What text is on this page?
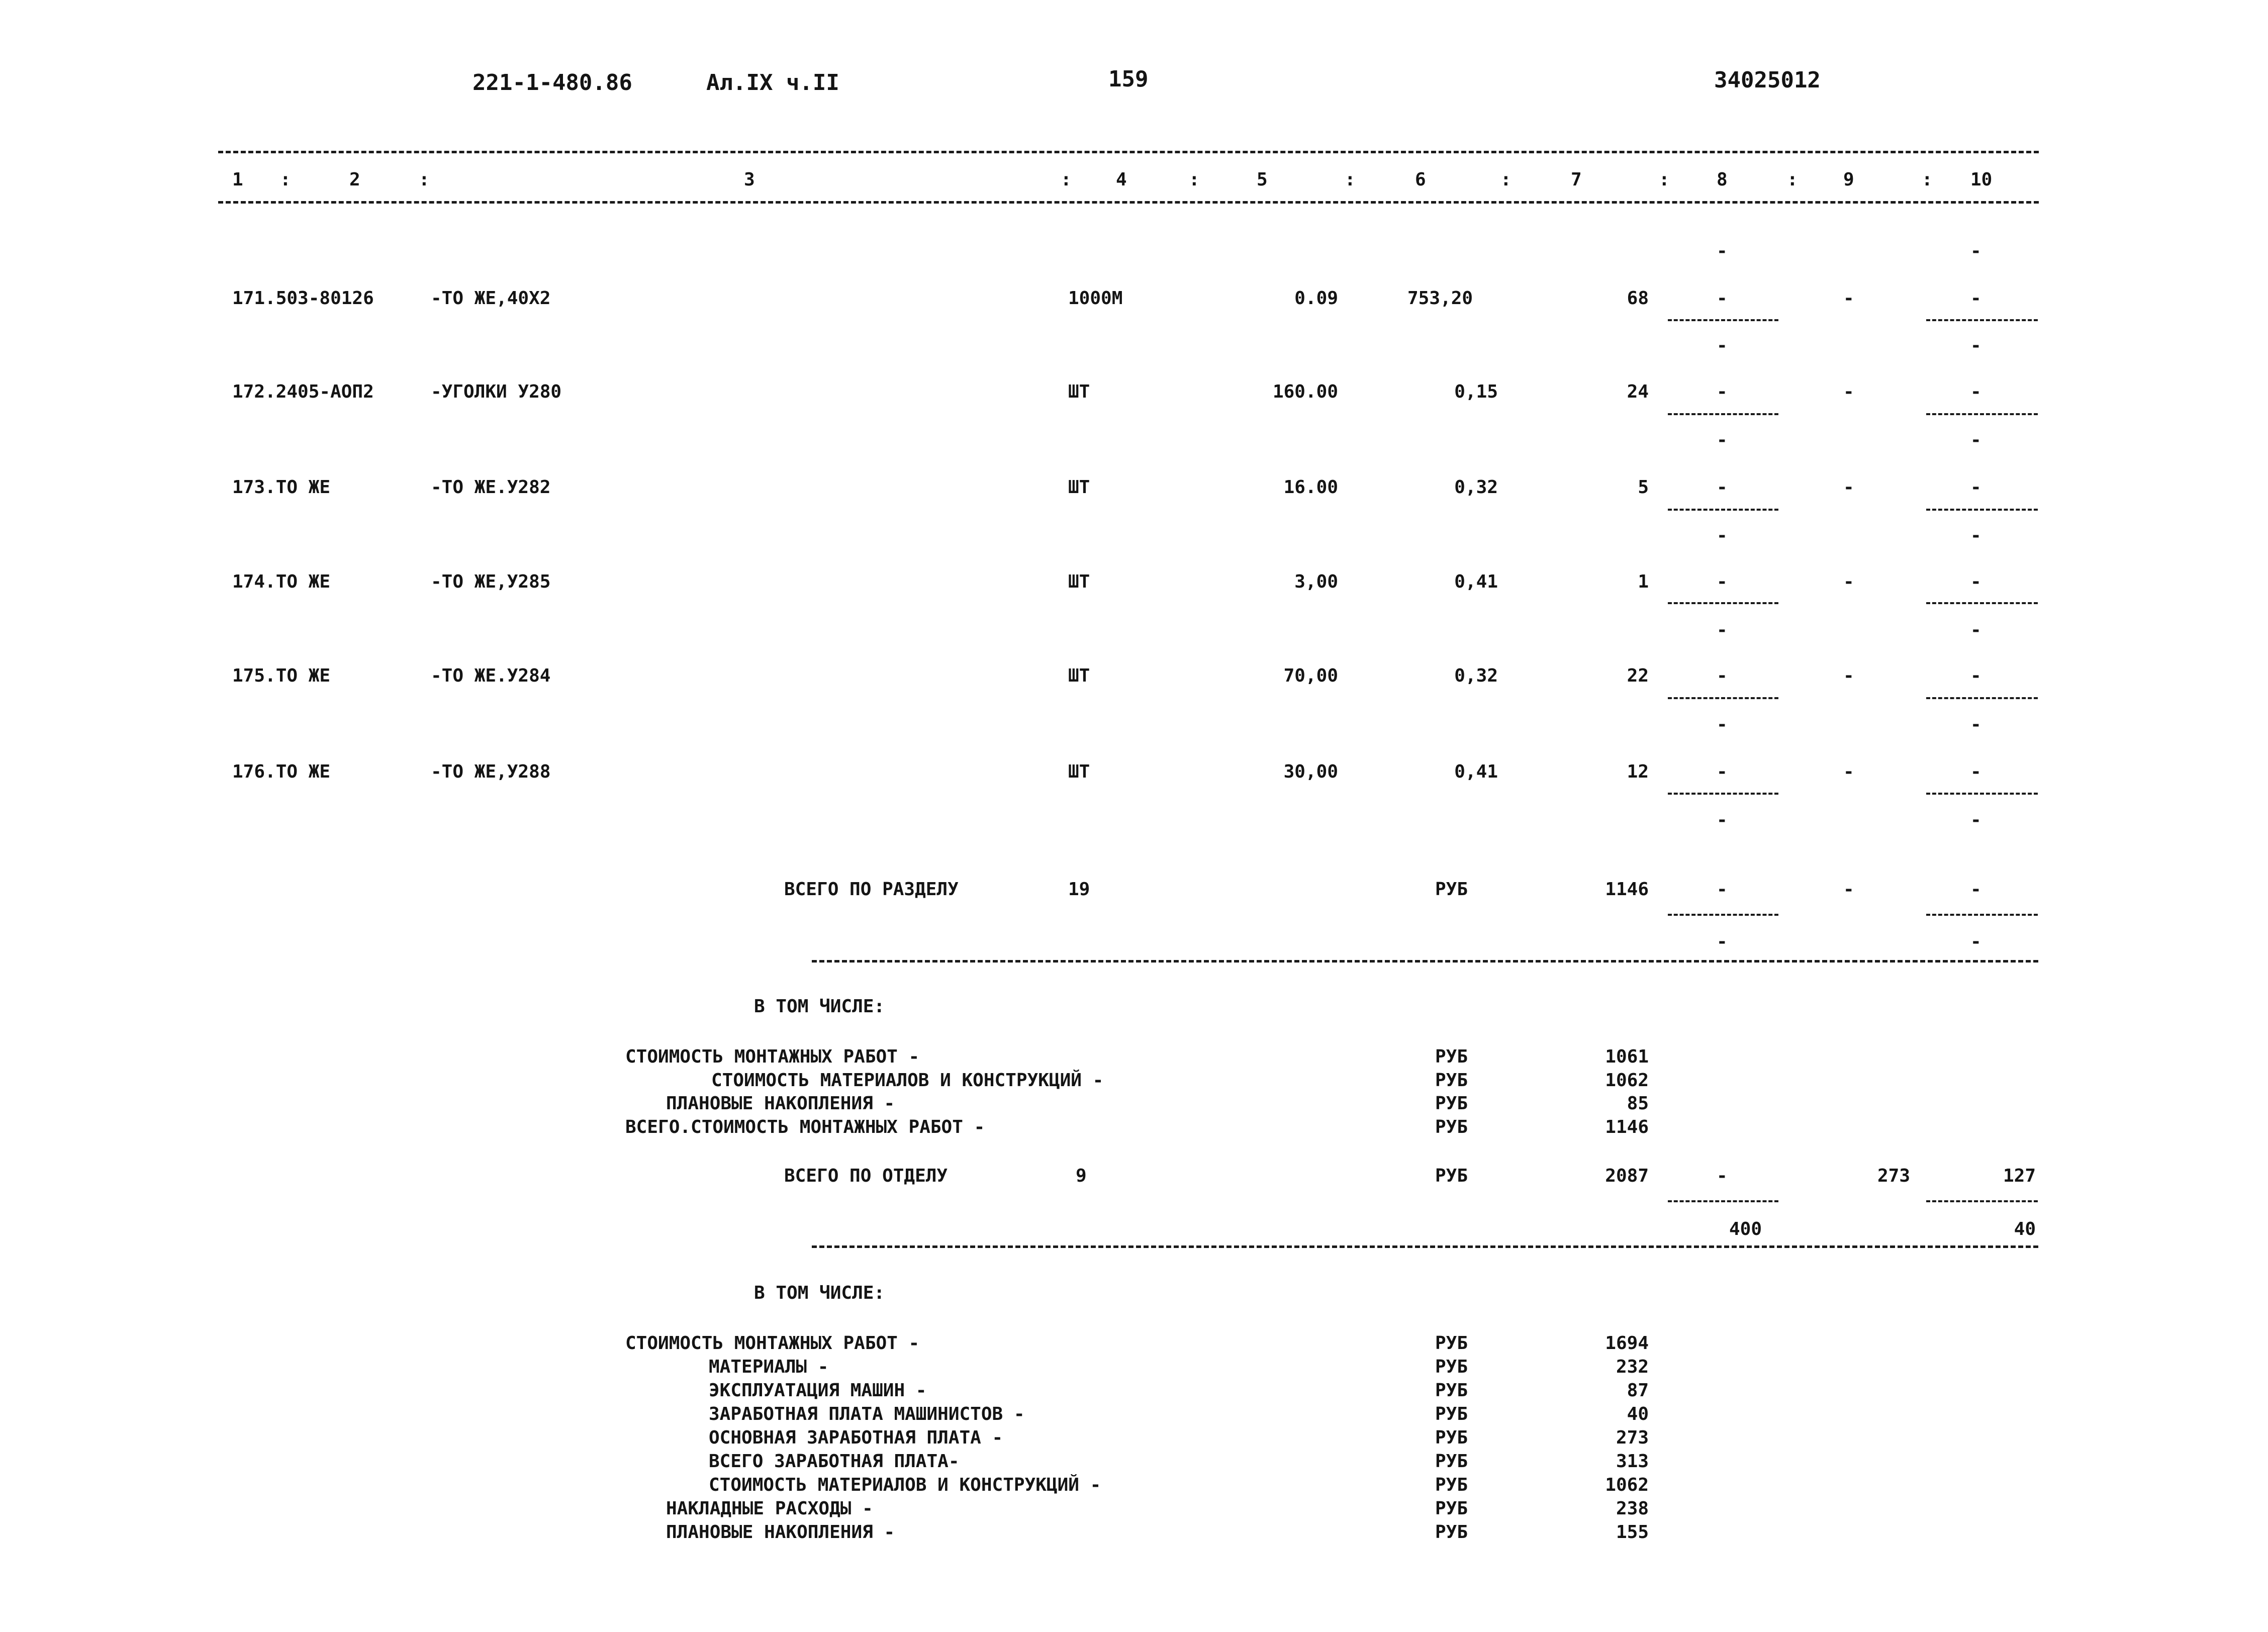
221-1-480.86	Ал.IX ч.II	159	34025012
1 :	2	:	3	: 4	:	5	:	6	:	7	:	8	:	9	: 10
-	-
171.503-80126	-ТО ЖЕ,40Х2	1000М	0.09	753,20	68	-	-	-
-	-
172.2405-АОП2	-УГОЛКИ У280	ШТ	160.00	0,15	24	-	-	-
-	-
173.ТО ЖЕ	-ТО ЖЕ.У282	ШТ	16.00	0,32	5	-	-	-
-	-
174.ТО ЖЕ	-ТО ЖЕ,У285	ШТ	3,00	0,41	1	-	-	-
-	-
175.ТО ЖЕ	-ТО ЖЕ.У284	ШТ	70,00	0,32	22	-	-	-
-	-
176.ТО ЖЕ	-ТО ЖЕ,У288	ШТ	30,00	0,41	12	-	-	-
-	-
ВСЕГО ПО РАЗДЕЛУ	19	РУБ	1146	-	-	-
-	-
В ТОМ ЧИСЛЕ:
СТОИМОСТЬ МОНТАЖНЫХ РАБОТ -	РУБ	1061
СТОИМОСТЬ МАТЕРИАЛОВ И КОНСТРУКЦИЙ -	РУБ	1062
ПЛАНОВЫЕ НАКОПЛЕНИЯ -	РУБ	85
ВСЕГО.СТОИМОСТЬ МОНТАЖНЫХ РАБОТ -	РУБ	1146
ВСЕГО ПО ОТДЕЛУ	9	РУБ	2087	-	273	127
400	40
В ТОМ ЧИСЛЕ:
СТОИМОСТЬ МОНТАЖНЫХ РАБОТ -	РУБ	1694
МАТЕРИАЛЫ -	РУБ	232
ЭКСПЛУАТАЦИЯ МАШИН -	РУБ	87
ЗАРАБОТНАЯ ПЛАТА МАШИНИСТОВ -	РУБ	40
ОСНОВНАЯ ЗАРАБОТНАЯ ПЛАТА -	РУБ	273
ВСЕГО ЗАРАБОТНАЯ ПЛАТА-	РУБ	313
СТОИМОСТЬ МАТЕРИАЛОВ И КОНСТРУКЦИЙ -	РУБ	1062
НАКЛАДНЫЕ РАСХОДЫ -	РУБ	238
ПЛАНОВЫЕ НАКОПЛЕНИЯ -	РУБ	155
